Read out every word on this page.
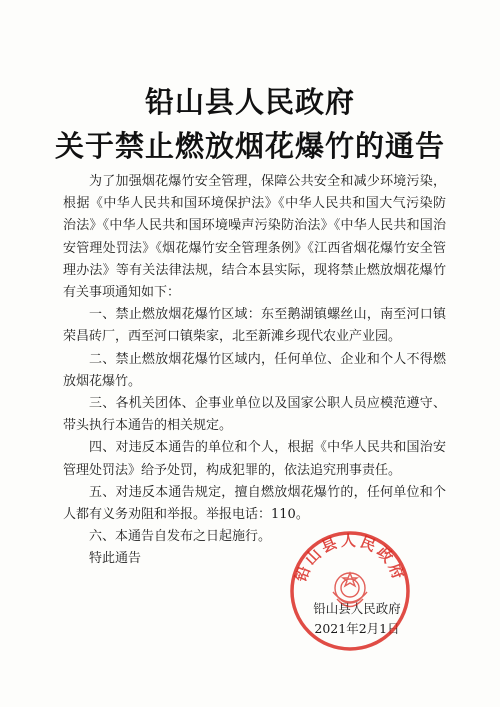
铅山县人民政府
关于禁止燃放烟花爆竹的通告

为了加强烟花爆竹安全管理，保障公共安全和减少环境污染，根据《中华人民共和国环境保护法》《中华人民共和国大气污染防治法》《中华人民共和国环境噪声污染防治法》《中华人民共和国治安管理处罚法》《烟花爆竹安全管理条例》《江西省烟花爆竹安全管理办法》等有关法律法规，结合本县实际，现将禁止燃放烟花爆竹有关事项通知如下：

一、禁止燃放烟花爆竹区域：东至鹅湖镇螺丝山，南至河口镇荣昌砖厂，西至河口镇柴家，北至新滩乡现代农业产业园。

二、禁止燃放烟花爆竹区域内，任何单位、企业和个人不得燃放烟花爆竹。

三、各机关团体、企事业单位以及国家公职人员应模范遵守、带头执行本通告的相关规定。

四、对违反本通告的单位和个人，根据《中华人民共和国治安管理处罚法》给予处罚，构成犯罪的，依法追究刑事责任。

五、对违反本通告规定，擅自燃放烟花爆竹的，任何单位和个人都有义务劝阻和举报。举报电话：110。

六、本通告自发布之日起施行。

特此通告

铅山县人民政府
2021年2月1日
铅山县人民政府
